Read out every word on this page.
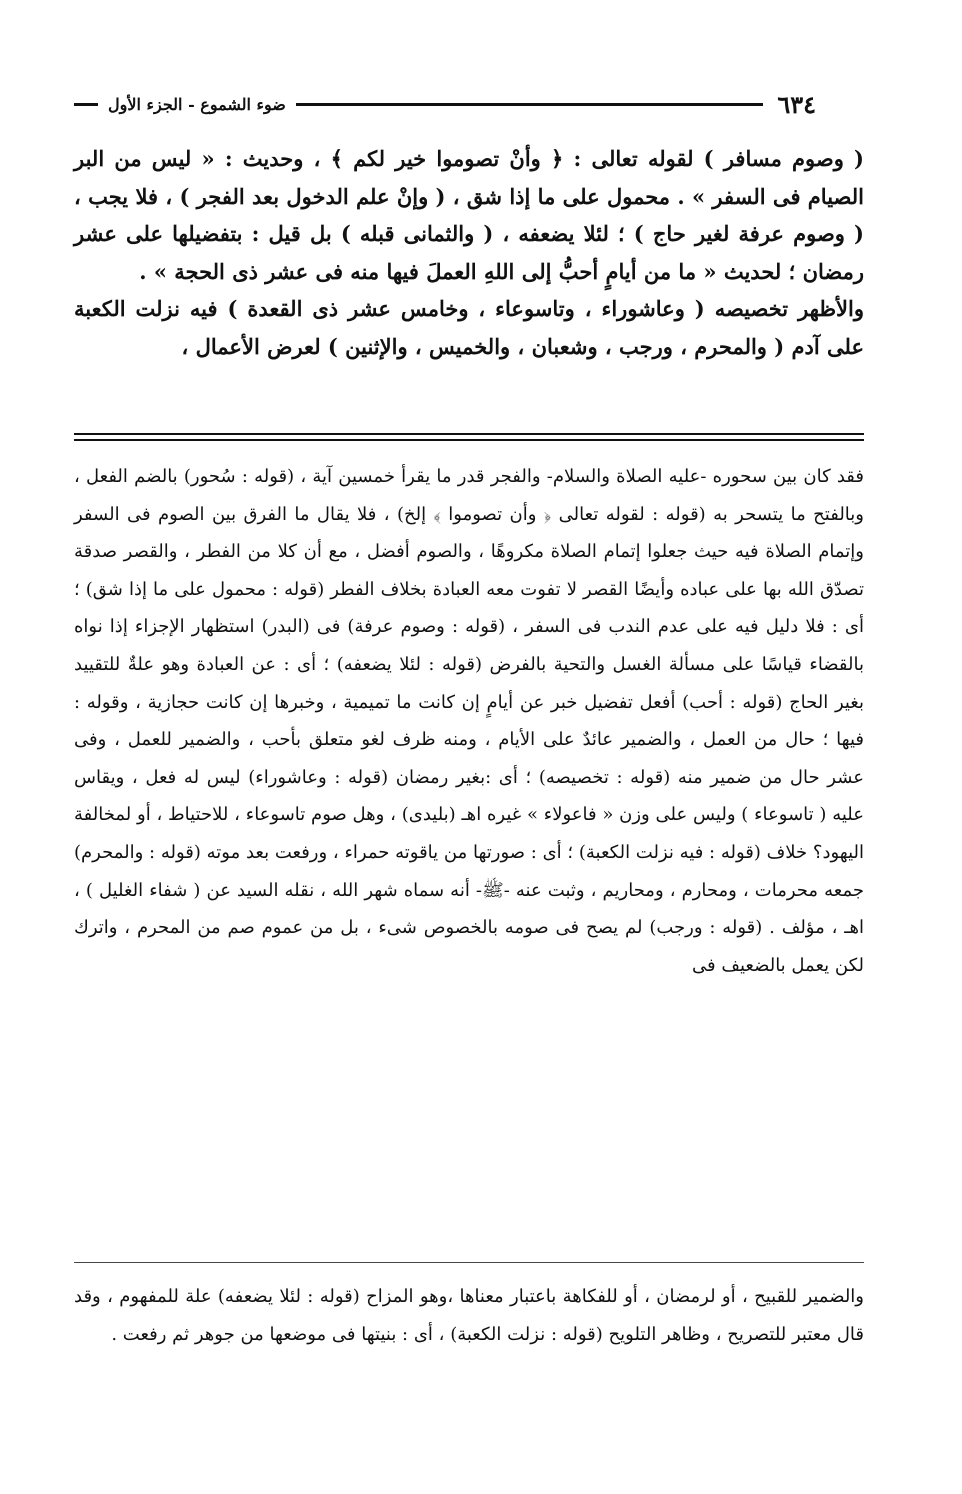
٦٣٤
ضوء الشموع - الجزء الأول

( وصوم مسافر ) لقوله تعالى : ﴿ وأنْ تصوموا خير لكم ﴾ ، وحديث : « ليس من البر الصيام فى السفر » . محمول على ما إذا شق ، ( وإنْ علم الدخول بعد الفجر ) ، فلا يجب ، ( وصوم عرفة لغير حاج ) ؛ لئلا يضعفه ، ( والثمانى قبله ) بل قيل : بتفضيلها على عشر رمضان ؛ لحديث « ما من أيامٍ أحبُّ إلى اللهِ العملَ فيها منه فى عشر ذى الحجة » .

والأظهر تخصيصه ( وعاشوراء ، وتاسوعاء ، وخامس عشر ذى القعدة ) فيه نزلت الكعبة على آدم ( والمحرم ، ورجب ، وشعبان ، والخميس ، والإثنين ) لعرض الأعمال ،

فقد كان بين سحوره -عليه الصلاة والسلام- والفجر قدر ما يقرأ خمسين آية ، (قوله : سُحور) بالضم الفعل ، وبالفتح ما يتسحر به (قوله : لقوله تعالى ﴿ وأن تصوموا ﴾ إلخ) ، فلا يقال ما الفرق بين الصوم فى السفر وإتمام الصلاة فيه حيث جعلوا إتمام الصلاة مكروهًا ، والصوم أفضل ، مع أن كلا من الفطر ، والقصر صدقة تصدّق الله بها على عباده وأيضًا القصر لا تفوت معه العبادة بخلاف الفطر (قوله : محمول على ما إذا شق) ؛ أى : فلا دليل فيه على عدم الندب فى السفر ، (قوله : وصوم عرفة) فى (البدر) استظهار الإجزاء إذا نواه بالقضاء قياسًا على مسألة الغسل والتحية بالفرض (قوله : لئلا يضعفه) ؛ أى : عن العبادة وهو علةٌ للتقييد بغير الحاج (قوله : أحب) أفعل تفضيل خبر عن أيامٍ إن كانت ما تميمية ، وخبرها إن كانت حجازية ، وقوله : فيها ؛ حال من العمل ، والضمير عائدٌ على الأيام ، ومنه ظرف لغو متعلق بأحب ، والضمير للعمل ، وفى عشر حال من ضمير منه (قوله : تخصيصه) ؛ أى :بغير رمضان (قوله : وعاشوراء) ليس له فعل ، ويقاس عليه ( تاسوعاء ) وليس على وزن « فاعولاء » غيره اهـ (بليدى) ، وهل صوم تاسوعاء ، للاحتياط ، أو لمخالفة اليهود؟ خلاف (قوله : فيه نزلت الكعبة) ؛ أى : صورتها من ياقوته حمراء ، ورفعت بعد موته (قوله : والمحرم) جمعه محرمات ، ومحارم ، ومحاريم ، وثبت عنه -ﷺ- أنه سماه شهر الله ، نقله السيد عن ( شفاء الغليل ) ، اهـ ، مؤلف . (قوله : ورجب) لم يصح فى صومه بالخصوص شىء ، بل من عموم صم من المحرم ، واترك لكن يعمل بالضعيف فى

والضمير للقبيح ، أو لرمضان ، أو للفكاهة باعتبار معناها ،وهو المزاح (قوله : لئلا يضعفه) علة للمفهوم ، وقد قال معتبر للتصريح ، وظاهر التلويح (قوله : نزلت الكعبة) ، أى : بنيتها فى موضعها من جوهر ثم رفعت .
